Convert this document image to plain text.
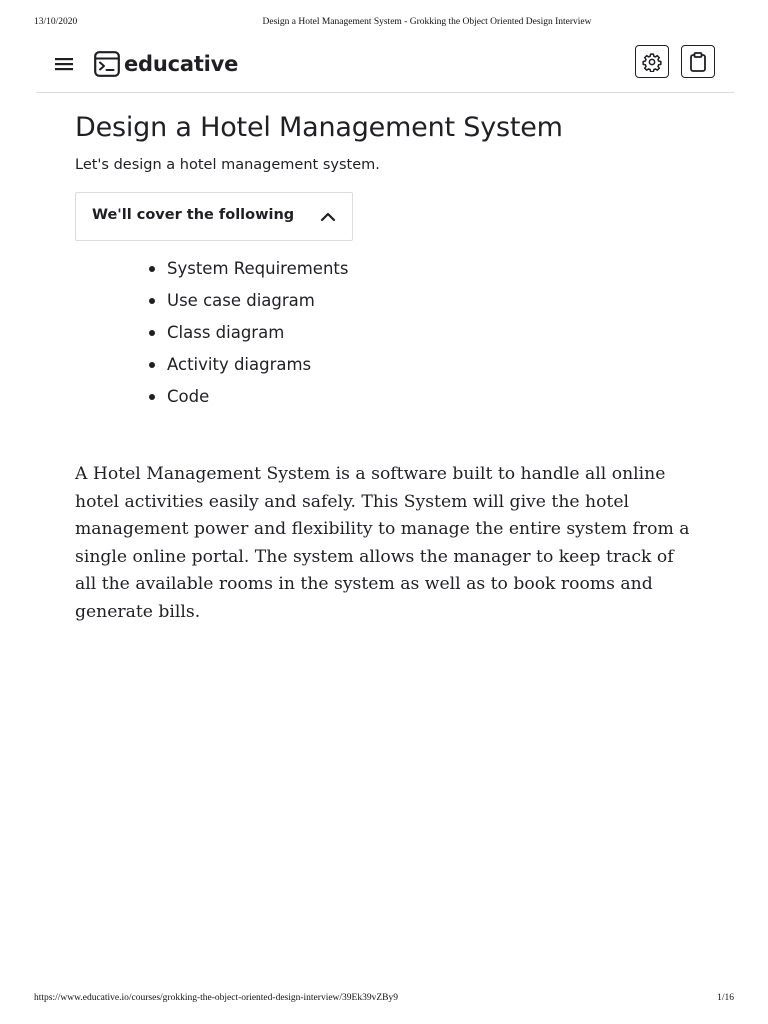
13/10/2020	Design a Hotel Management System - Grokking the Object Oriented Design Interview
educative
Design a Hotel Management System
Let's design a hotel management system.
We'll cover the following
System Requirements
Use case diagram
Class diagram
Activity diagrams
Code

A Hotel Management System is a software built to handle all online hotel activities easily and safely. This System will give the hotel management power and flexibility to manage the entire system from a single online portal. The system allows the manager to keep track of all the available rooms in the system as well as to book rooms and generate bills.

https://www.educative.io/courses/grokking-the-object-oriented-design-interview/39Ek39vZBy9	1/16
